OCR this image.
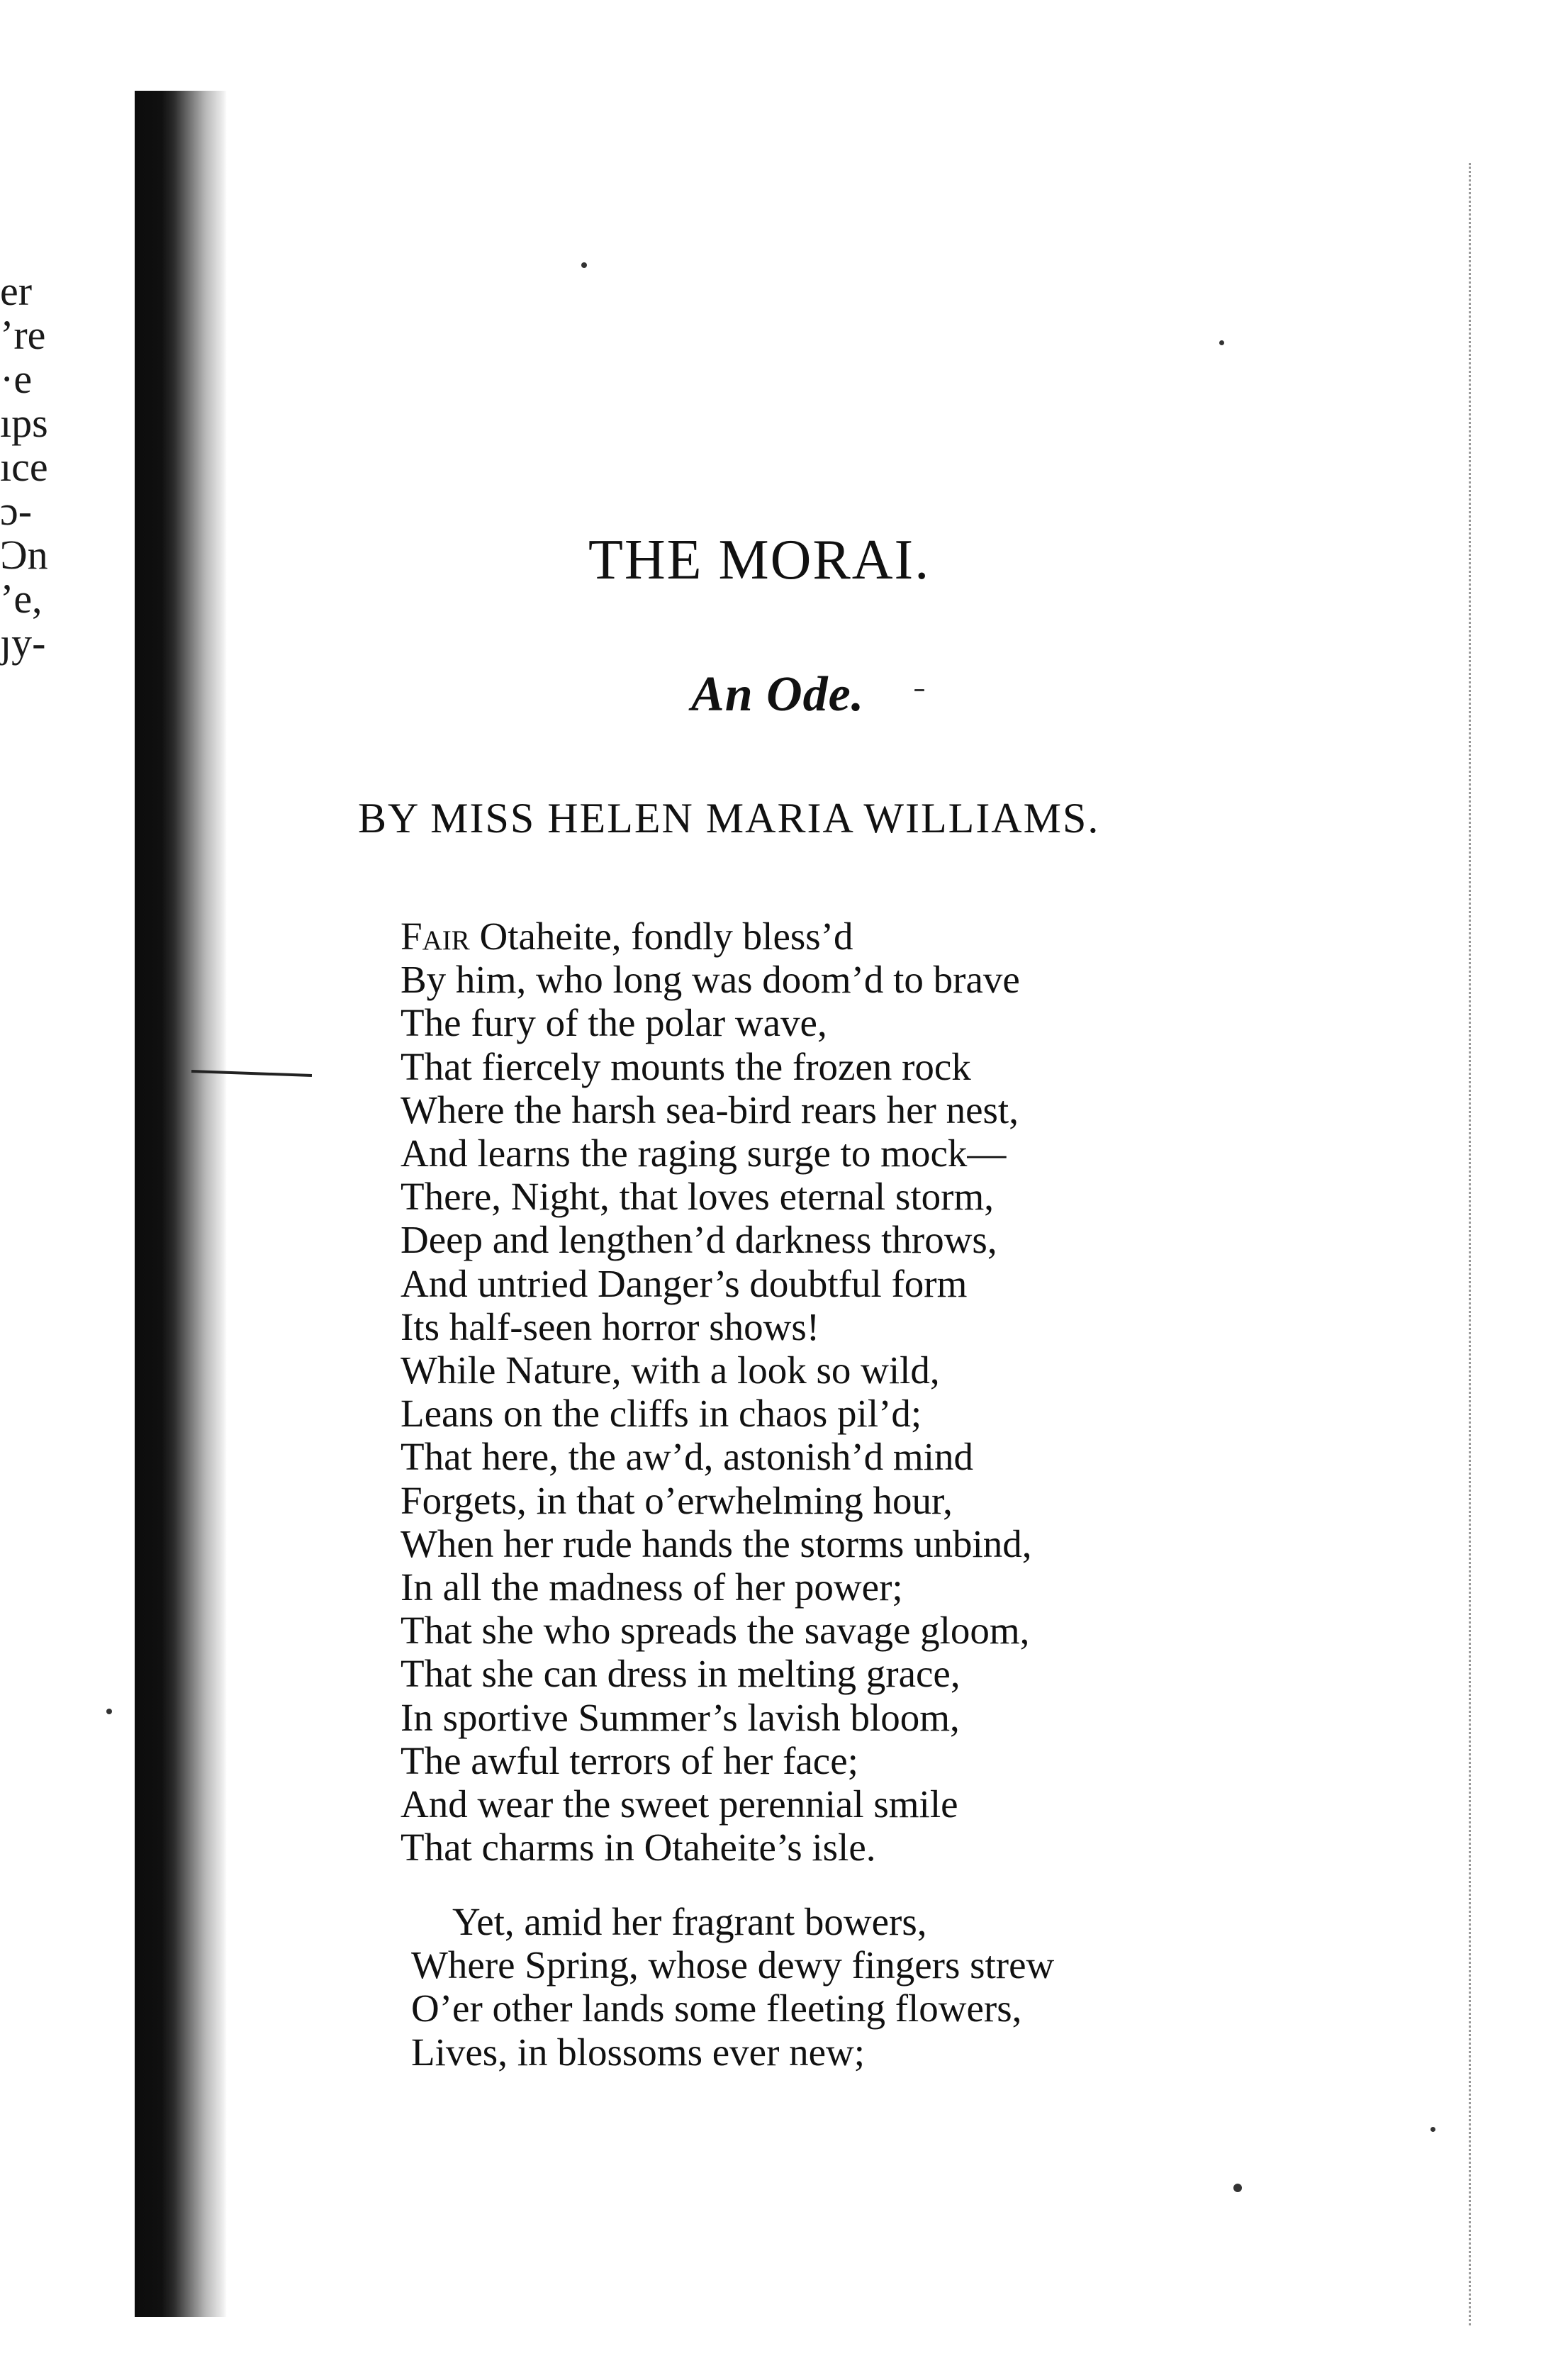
er
’re
·e
ıps
ıce
ɔ-
Ɔn
’e,
ȷy-
THE MORAI.
An Ode.
BY MISS HELEN MARIA WILLIAMS.
Fair Otaheite, fondly bless’d
By him, who long was doom’d to brave
The fury of the polar wave,
That fiercely mounts the frozen rock
Where the harsh sea-bird rears her nest,
And learns the raging surge to mock—
There, Night, that loves eternal storm,
Deep and lengthen’d darkness throws,
And untried Danger’s doubtful form
Its half-seen horror shows!
While Nature, with a look so wild,
Leans on the cliffs in chaos pil’d;
That here, the aw’d, astonish’d mind
Forgets, in that o’erwhelming hour,
When her rude hands the storms unbind,
In all the madness of her power;
That she who spreads the savage gloom,
That she can dress in melting grace,
In sportive Summer’s lavish bloom,
The awful terrors of her face;
And wear the sweet perennial smile
That charms in Otaheite’s isle.
Yet, amid her fragrant bowers,
Where Spring, whose dewy fingers strew
O’er other lands some fleeting flowers,
Lives, in blossoms ever new;
